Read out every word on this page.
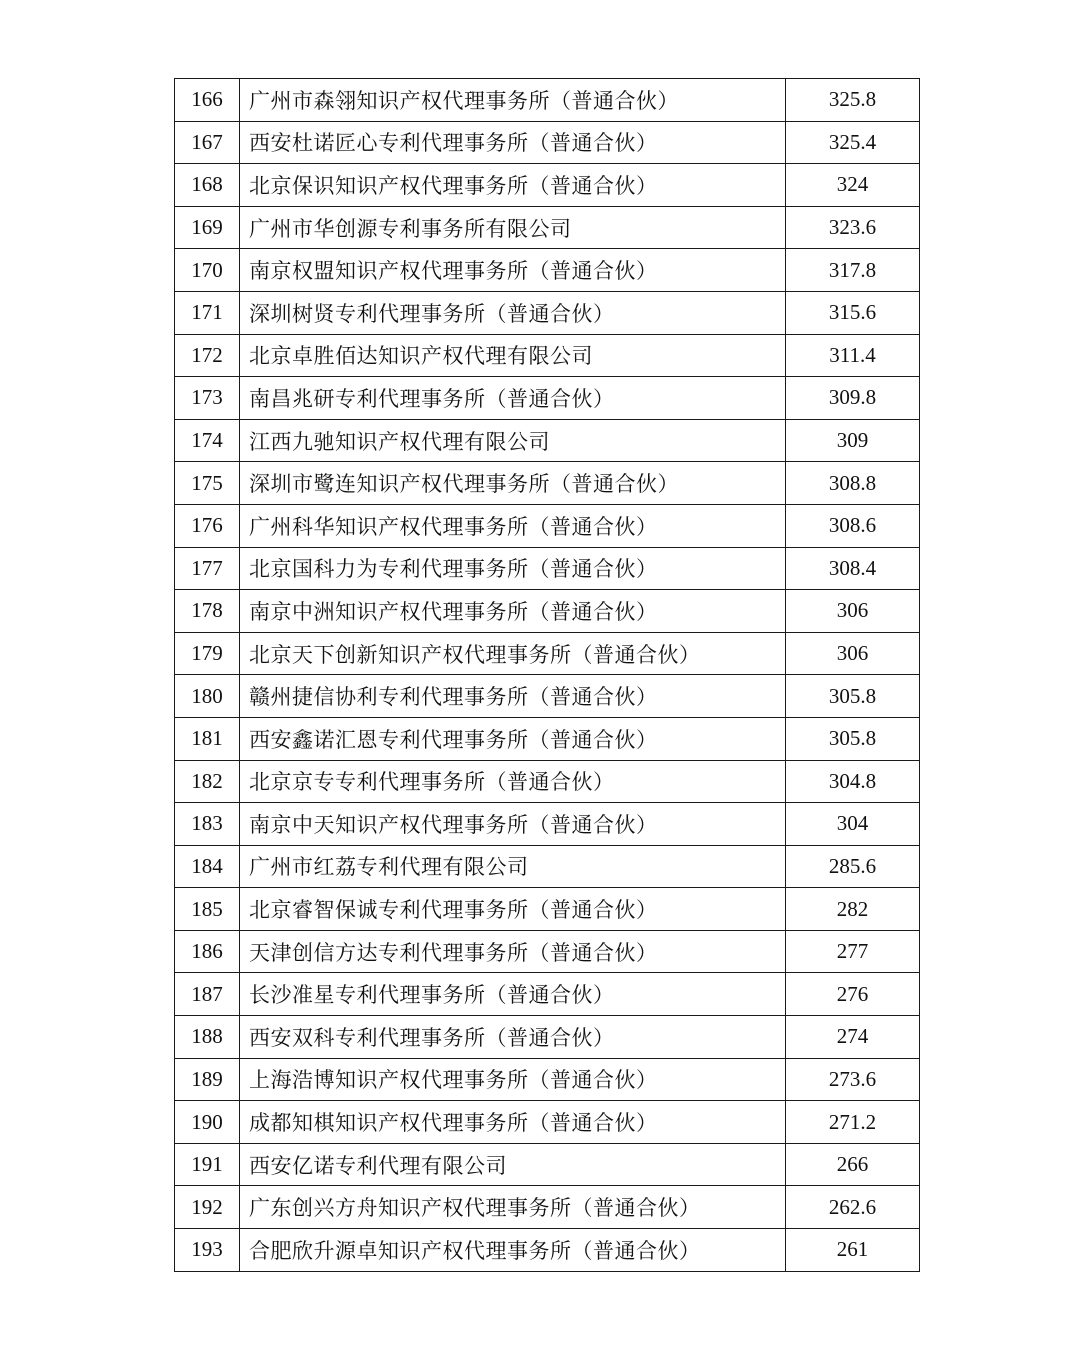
166	广州市森翎知识产权代理事务所（普通合伙）	325.8
167	西安杜诺匠心专利代理事务所（普通合伙）	325.4
168	北京保识知识产权代理事务所（普通合伙）	324
169	广州市华创源专利事务所有限公司	323.6
170	南京权盟知识产权代理事务所（普通合伙）	317.8
171	深圳树贤专利代理事务所（普通合伙）	315.6
172	北京卓胜佰达知识产权代理有限公司	311.4
173	南昌兆研专利代理事务所（普通合伙）	309.8
174	江西九驰知识产权代理有限公司	309
175	深圳市鹭连知识产权代理事务所（普通合伙）	308.8
176	广州科华知识产权代理事务所（普通合伙）	308.6
177	北京国科力为专利代理事务所（普通合伙）	308.4
178	南京中洲知识产权代理事务所（普通合伙）	306
179	北京天下创新知识产权代理事务所（普通合伙）	306
180	赣州捷信协利专利代理事务所（普通合伙）	305.8
181	西安鑫诺汇恩专利代理事务所（普通合伙）	305.8
182	北京京专专利代理事务所（普通合伙）	304.8
183	南京中天知识产权代理事务所（普通合伙）	304
184	广州市红荔专利代理有限公司	285.6
185	北京睿智保诚专利代理事务所（普通合伙）	282
186	天津创信方达专利代理事务所（普通合伙）	277
187	长沙准星专利代理事务所（普通合伙）	276
188	西安双科专利代理事务所（普通合伙）	274
189	上海浩博知识产权代理事务所（普通合伙）	273.6
190	成都知棋知识产权代理事务所（普通合伙）	271.2
191	西安亿诺专利代理有限公司	266
192	广东创兴方舟知识产权代理事务所（普通合伙）	262.6
193	合肥欣升源卓知识产权代理事务所（普通合伙）	261
